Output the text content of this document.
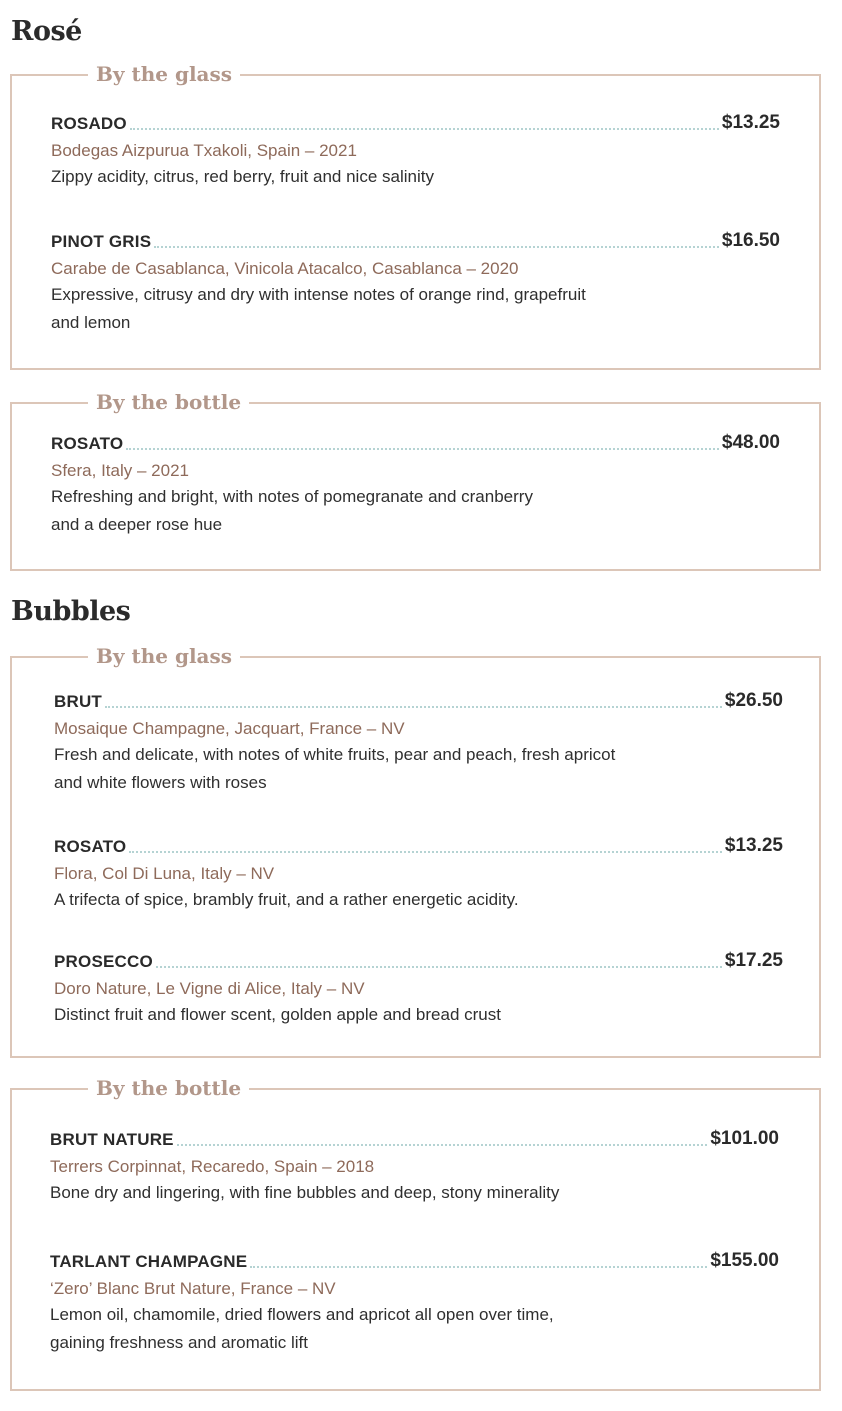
Rosé
By the glass
ROSADO	$13.25
Bodegas Aizpurua Txakoli, Spain – 2021
Zippy acidity, citrus, red berry, fruit and nice salinity
PINOT GRIS	$16.50
Carabe de Casablanca, Vinicola Atacalco, Casablanca – 2020
Expressive, citrusy and dry with intense notes of orange rind, grapefruit
and lemon
By the bottle
ROSATO	$48.00
Sfera, Italy – 2021
Refreshing and bright, with notes of pomegranate and cranberry
and a deeper rose hue
Bubbles
By the glass
BRUT	$26.50
Mosaique Champagne, Jacquart, France – NV
Fresh and delicate, with notes of white fruits, pear and peach, fresh apricot
and white flowers with roses
ROSATO	$13.25
Flora, Col Di Luna, Italy – NV
A trifecta of spice, brambly fruit, and a rather energetic acidity.
PROSECCO	$17.25
Doro Nature, Le Vigne di Alice, Italy – NV
Distinct fruit and flower scent, golden apple and bread crust
By the bottle
BRUT NATURE	$101.00
Terrers Corpinnat, Recaredo, Spain – 2018
Bone dry and lingering, with fine bubbles and deep, stony minerality
TARLANT CHAMPAGNE	$155.00
‘Zero’ Blanc Brut Nature, France – NV
Lemon oil, chamomile, dried flowers and apricot all open over time,
gaining freshness and aromatic lift
